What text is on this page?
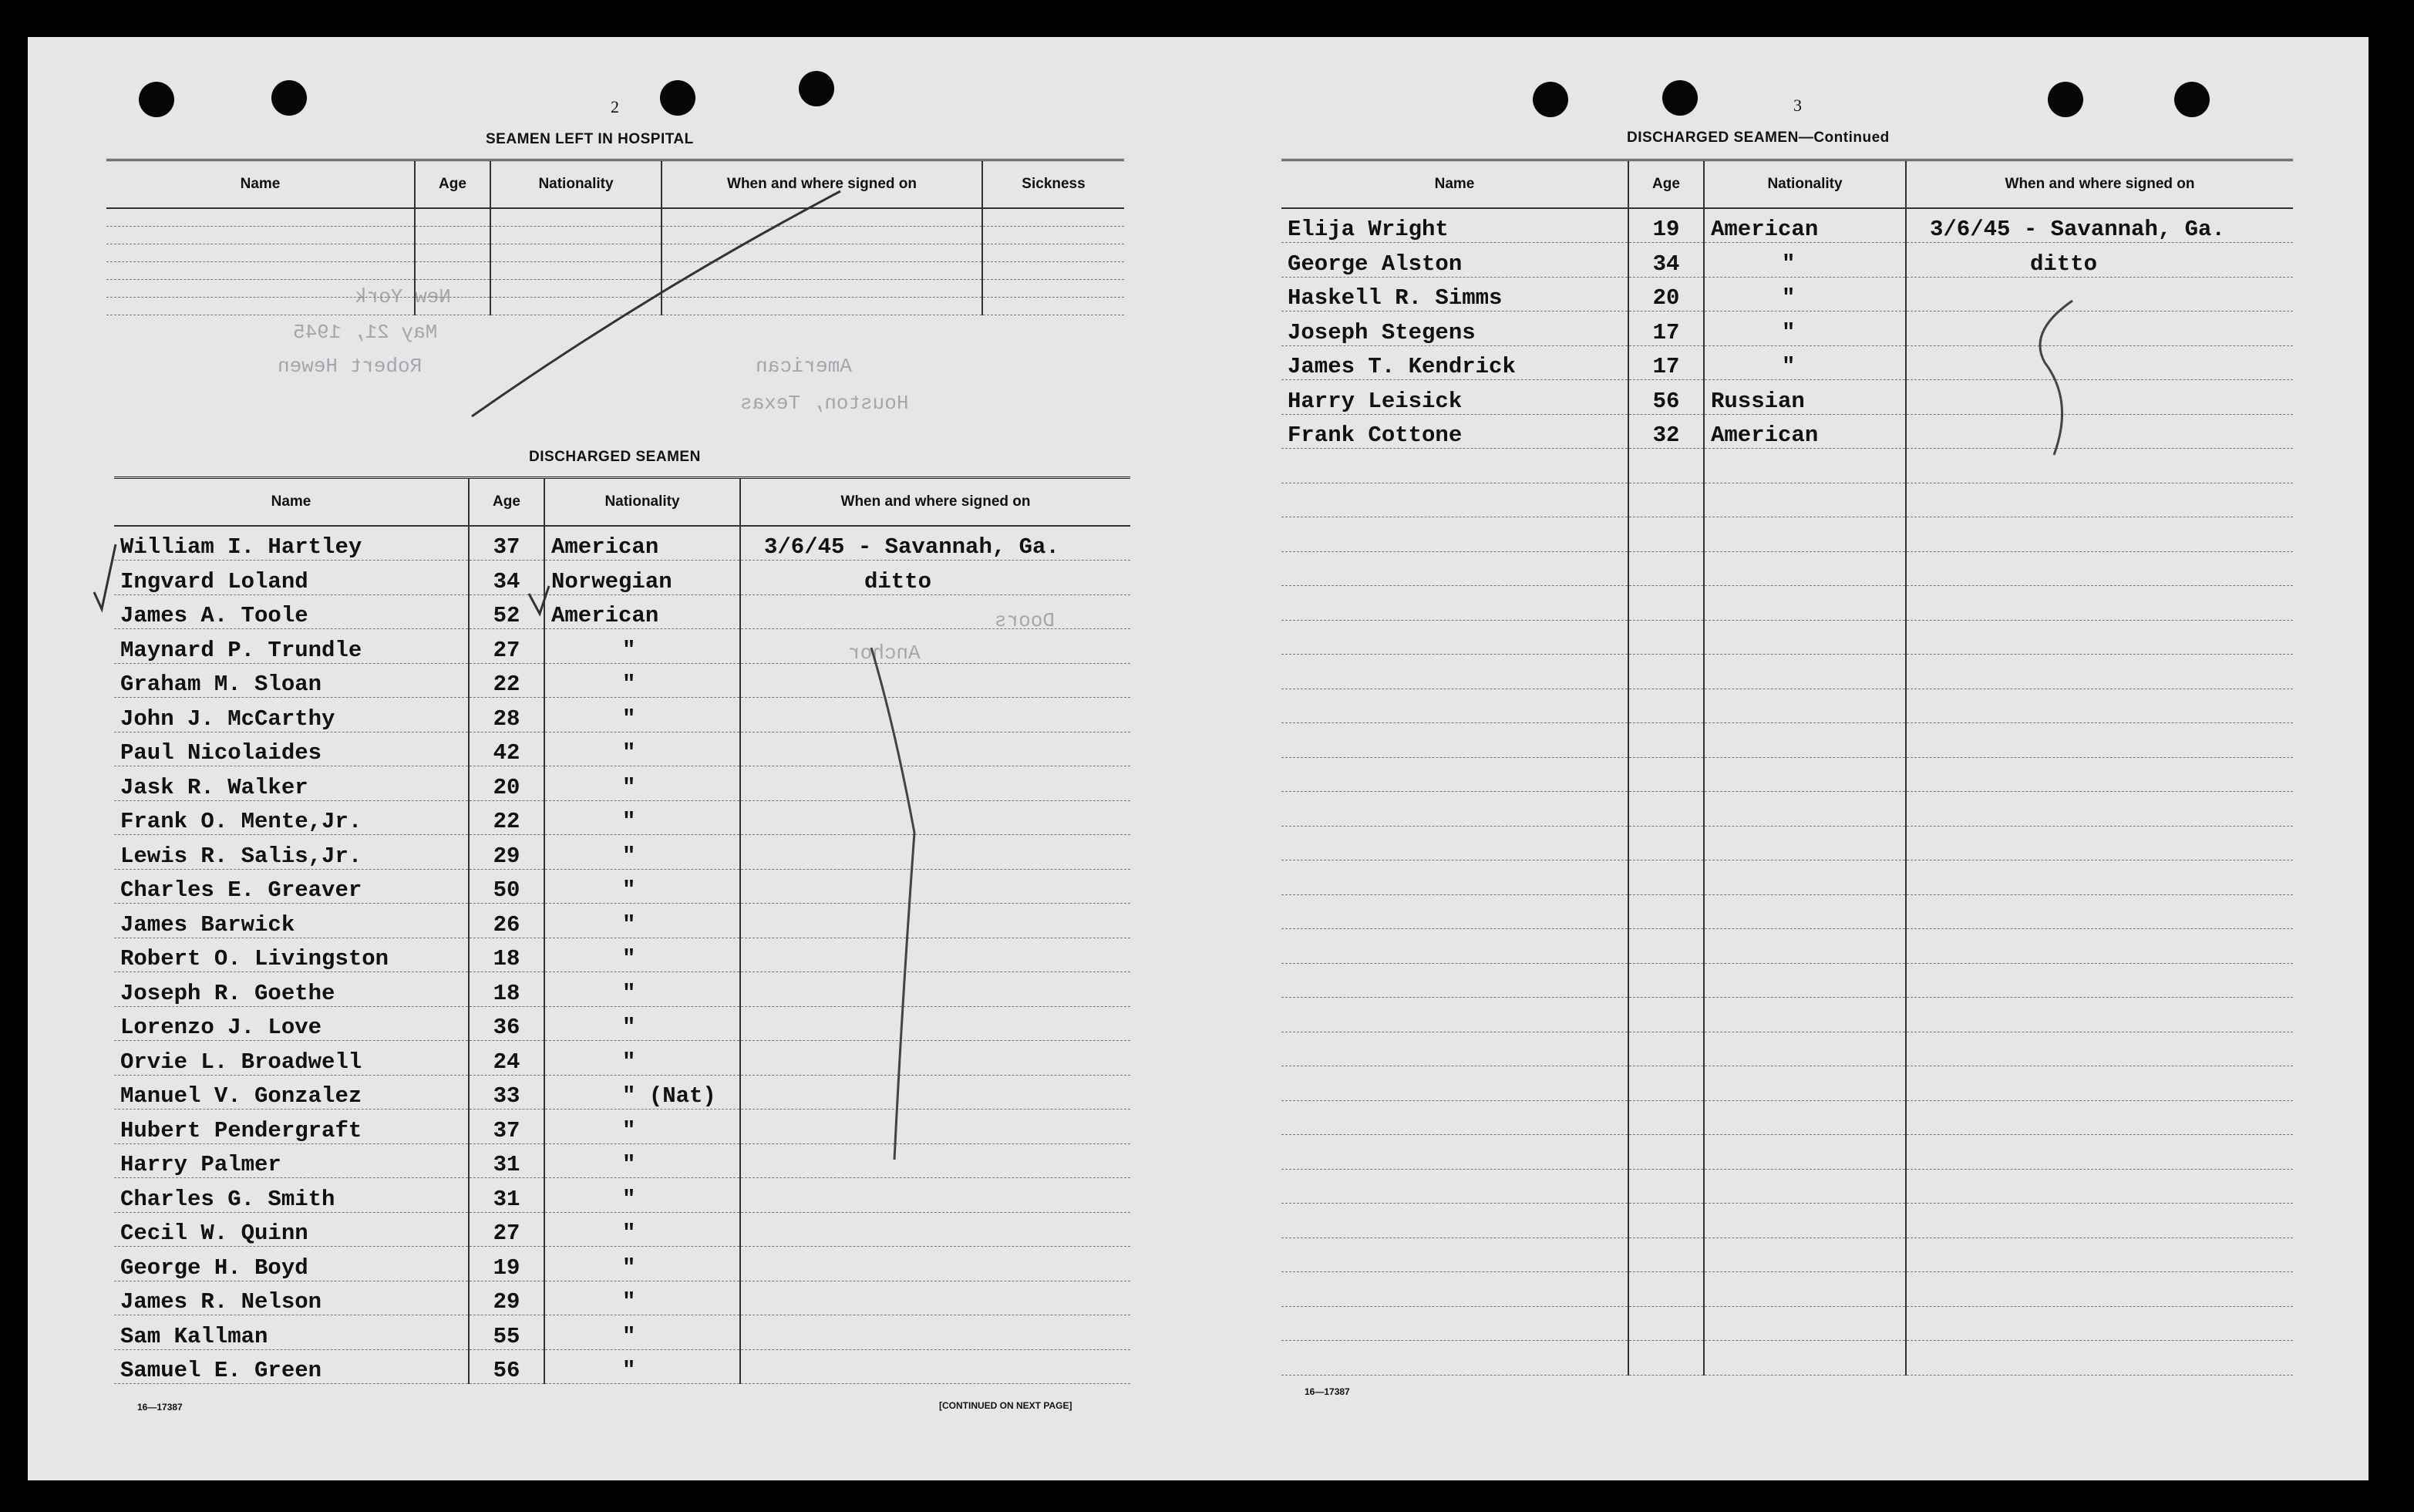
New York
May 21, 1945
Robert Hewen	American
Houston, Texas
Doors
Anchor
2
SEAMEN LEFT IN HOSPITAL
Name	Age	Nationality	When and where signed on	Sickness

DISCHARGED SEAMEN
Name	Age	Nationality	When and where signed on
William I. Hartley	37	American	3/6/45 - Savannah, Ga.
Ingvard Loland	34	Norwegian	ditto
James A. Toole	52	American	
Maynard P. Trundle	27	"	
Graham M. Sloan	22	"	
John J. McCarthy	28	"	
Paul Nicolaides	42	"	
Jask R. Walker	20	"	
Frank O. Mente,Jr.	22	"	
Lewis R. Salis,Jr.	29	"	
Charles E. Greaver	50	"	
James Barwick	26	"	
Robert O. Livingston	18	"	
Joseph R. Goethe	18	"	
Lorenzo J. Love	36	"	
Orvie L. Broadwell	24	"	
Manuel V. Gonzalez	33	" (Nat)	
Hubert Pendergraft	37	"	
Harry Palmer	31	"	
Charles G. Smith	31	"	
Cecil W. Quinn	27	"	
George H. Boyd	19	"	
James R. Nelson	29	"	
Sam Kallman	55	"	
Samuel E. Green	56	"	
16—17387	[CONTINUED ON NEXT PAGE]
3
DISCHARGED SEAMEN—Continued
Name	Age	Nationality	When and where signed on
Elija Wright	19	American	3/6/45 - Savannah, Ga.
George Alston	34	"	ditto
Haskell R. Simms	20	"	
Joseph Stegens	17	"	
James T. Kendrick	17	"	
Harry Leisick	56	Russian	
Frank Cottone	32	American	

16—17387
